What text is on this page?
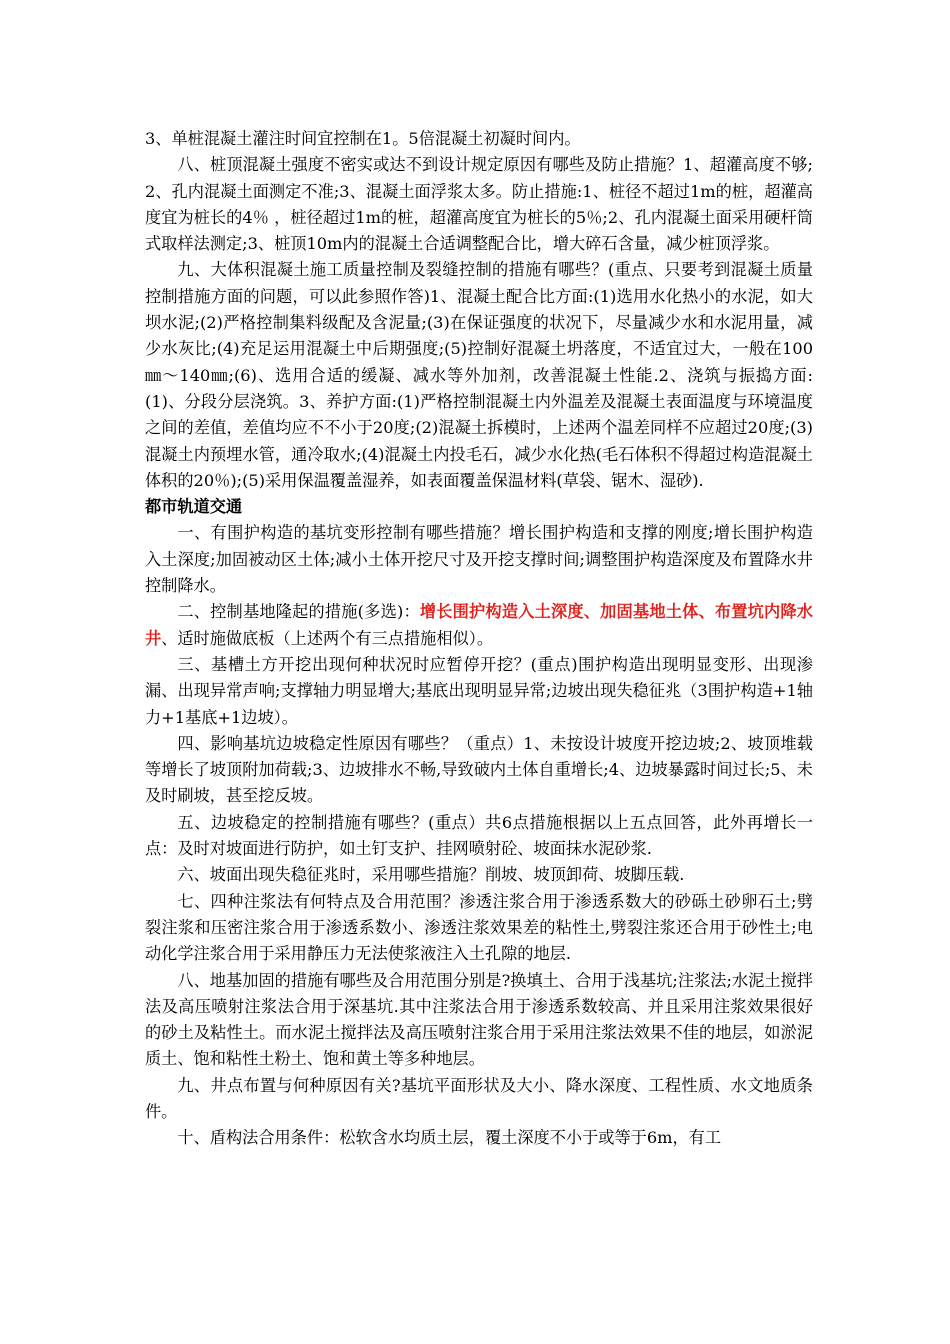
3、单桩混凝土灌注时间宜控制在1。5倍混凝土初凝时间内。

八、桩顶混凝土强度不密实或达不到设计规定原因有哪些及防止措施？1、超灌高度不够;2、孔内混凝土面测定不准;3、混凝土面浮浆太多。防止措施:1、桩径不超过1m的桩，超灌高度宜为桩长的4％ ，桩径超过1m的桩，超灌高度宜为桩长的5％;2、孔内混凝土面采用硬杆筒式取样法测定;3、桩顶10m内的混凝土合适调整配合比，增大碎石含量，减少桩顶浮浆。

九、大体积混凝土施工质量控制及裂缝控制的措施有哪些？(重点、只要考到混凝土质量控制措施方面的问题，可以此参照作答)1、混凝土配合比方面:(1)选用水化热小的水泥，如大坝水泥;(2)严格控制集料级配及含泥量;(3)在保证强度的状况下，尽量减少水和水泥用量，减少水灰比;(4)充足运用混凝土中后期强度;(5)控制好混凝土坍落度，不适宜过大，一般在100㎜～140㎜;(6)、选用合适的缓凝、减水等外加剂，改善混凝土性能.2、浇筑与振捣方面:(1)、分段分层浇筑。3、养护方面:(1)严格控制混凝土内外温差及混凝土表面温度与环境温度之间的差值，差值均应不不小于20度;(2)混凝土拆模时，上述两个温差同样不应超过20度;(3)混凝土内预埋水管，通冷取水;(4)混凝土内投毛石，减少水化热(毛石体积不得超过构造混凝土体积的20％);(5)采用保温覆盖湿养，如表面覆盖保温材料(草袋、锯木、湿砂).

都市轨道交通

一、有围护构造的基坑变形控制有哪些措施？增长围护构造和支撑的刚度;增长围护构造入土深度;加固被动区土体;减小土体开挖尺寸及开挖支撑时间;调整围护构造深度及布置降水井控制降水。

二、控制基地隆起的措施(多选)：增长围护构造入土深度、加固基地土体、布置坑内降水井、适时施做底板（上述两个有三点措施相似）。

三、基槽土方开挖出现何种状况时应暂停开挖？(重点)围护构造出现明显变形、出现渗漏、出现异常声响;支撑轴力明显增大;基底出现明显异常;边坡出现失稳征兆（3围护构造+1轴力+1基底+1边坡）。

四、影响基坑边坡稳定性原因有哪些？（重点）1、未按设计坡度开挖边坡;2、坡顶堆载等增长了坡顶附加荷载;3、边坡排水不畅,导致破内土体自重增长;4、边坡暴露时间过长;5、未及时刷坡，甚至挖反坡。

五、边坡稳定的控制措施有哪些？(重点）共6点措施根据以上五点回答，此外再增长一点：及时对坡面进行防护，如土钉支护、挂网喷射砼、坡面抹水泥砂浆.

六、坡面出现失稳征兆时，采用哪些措施？削坡、坡顶卸荷、坡脚压载.

七、四种注浆法有何特点及合用范围？渗透注浆合用于渗透系数大的砂砾土砂卵石土;劈裂注浆和压密注浆合用于渗透系数小、渗透注浆效果差的粘性土,劈裂注浆还合用于砂性土;电动化学注浆合用于采用静压力无法使浆液注入土孔隙的地层.

八、地基加固的措施有哪些及合用范围分别是?换填土、合用于浅基坑;注浆法;水泥土搅拌法及高压喷射注浆法合用于深基坑.其中注浆法合用于渗透系数较高、并且采用注浆效果很好的砂土及粘性土。而水泥土搅拌法及高压喷射注浆合用于采用注浆法效果不佳的地层，如淤泥质土、饱和粘性土粉土、饱和黄土等多种地层。

九、井点布置与何种原因有关?基坑平面形状及大小、降水深度、工程性质、水文地质条件。

十、盾构法合用条件：松软含水均质土层，覆土深度不小于或等于6m，有工
